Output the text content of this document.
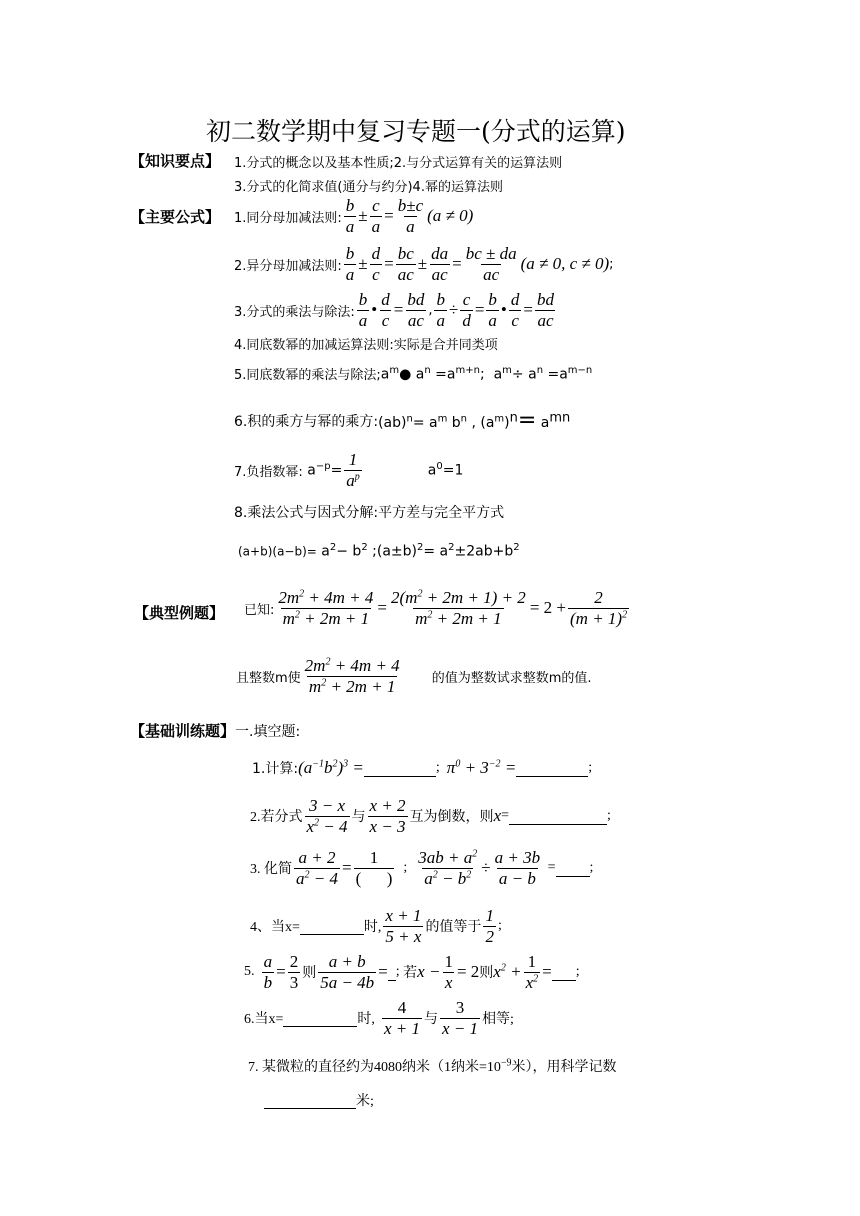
初二数学期中复习专题一(分式的运算)
【知识要点】 1.分式的概念以及基本性质;2.与分式运算有关的运算法则
3.分式的化简求值(通分与约分)4.幂的运算法则
【主要公式】 1.同分母加减法则: $\frac{b}{a} \pm \frac{c}{a} = \frac{b\pm c}{a} (a \ne 0)$
2.异分母加减法则: $\frac{b}{a} \pm \frac{d}{c} = \frac{bc}{ac} \pm \frac{da}{ac} = \frac{bc \pm da}{ac} (a \ne 0$, c ≠ 0) ;
3.分式的乘法与除法: $\frac{b}{a}$ • $\frac{d}{c} = \frac{bd}{ac}$ , $\frac{b}{a} \div \frac{c}{d} = \frac{b}{a}$ • $\frac{d}{c} = \frac{bd}{ac}$
4.同底数幂的加减运算法则:实际是合并同类项
5.同底数幂的乘法与除法; $a^m●$ $a^n =a^{m+n}$;  $a^m\div a^n =a^{m-n}$
6.积的乘方与幂的乘方: $(ab)^n= a^m$ $b^n$ , $(a^m)^n= a^{mn}$
7.负指数幂: $a^{-p}= \frac{1}{a^p}$	$a^0=1$
8.乘法公式与因式分解:平方差与完全平方式
$(a+b)(a-b)= a^2- b^2$ $;(a\pm b)^2= a^2\pm 2ab+b^2$
【典型例题】 已知: $\frac{2m^2 + 4m + 4}{m^2 + 2m + 1} = \frac{2(m^2 + 2m + 1) + 2}{m^2 + 2m + 1} = 2 + \frac{2}{(m + 1)^2}$
且整数m使 $\frac{2m^2 + 4m + 4}{m^2 + 2m + 1}$ 的值为整数试求整数m的值.
【基础训练题】 一.填空题:
1.计算: $(a^{-1}b^2)^3$ =	; $\pi^0 + 3^{-2}$ =	;
2.若分式 $\frac{3 - x}{x^2 - 4}$ 与 $\frac{x + 2}{x - 3}$ 互为倒数，则 x =	;
3. 化简 $\frac{a + 2}{a^2 - 4} = \frac{1}{( )}$ ; $\frac{3ab + a^2}{a^2 - b^2} \div \frac{a + 3b}{a - b}$ = ;
4、当x=	时, $\frac{x + 1}{5 + x}$ 的值等于 $\frac{1}{2}$ ;
5.
$\frac{a}{b} = \frac{2}{3}$ 则 $\frac{a + b}{5a - 4b}$ = ; 若 $x - \frac{1}{x} = 2$ 则 $x^2 + \frac{1}{x^2}$ = ;
6.当x=	时,
$\frac{4}{x + 1}$ 与 $\frac{3}{x - 1}$ 相等;
7. 某微粒的直径约为4080纳米（1纳米$=10^{-9}$米），用科学记数
米;
